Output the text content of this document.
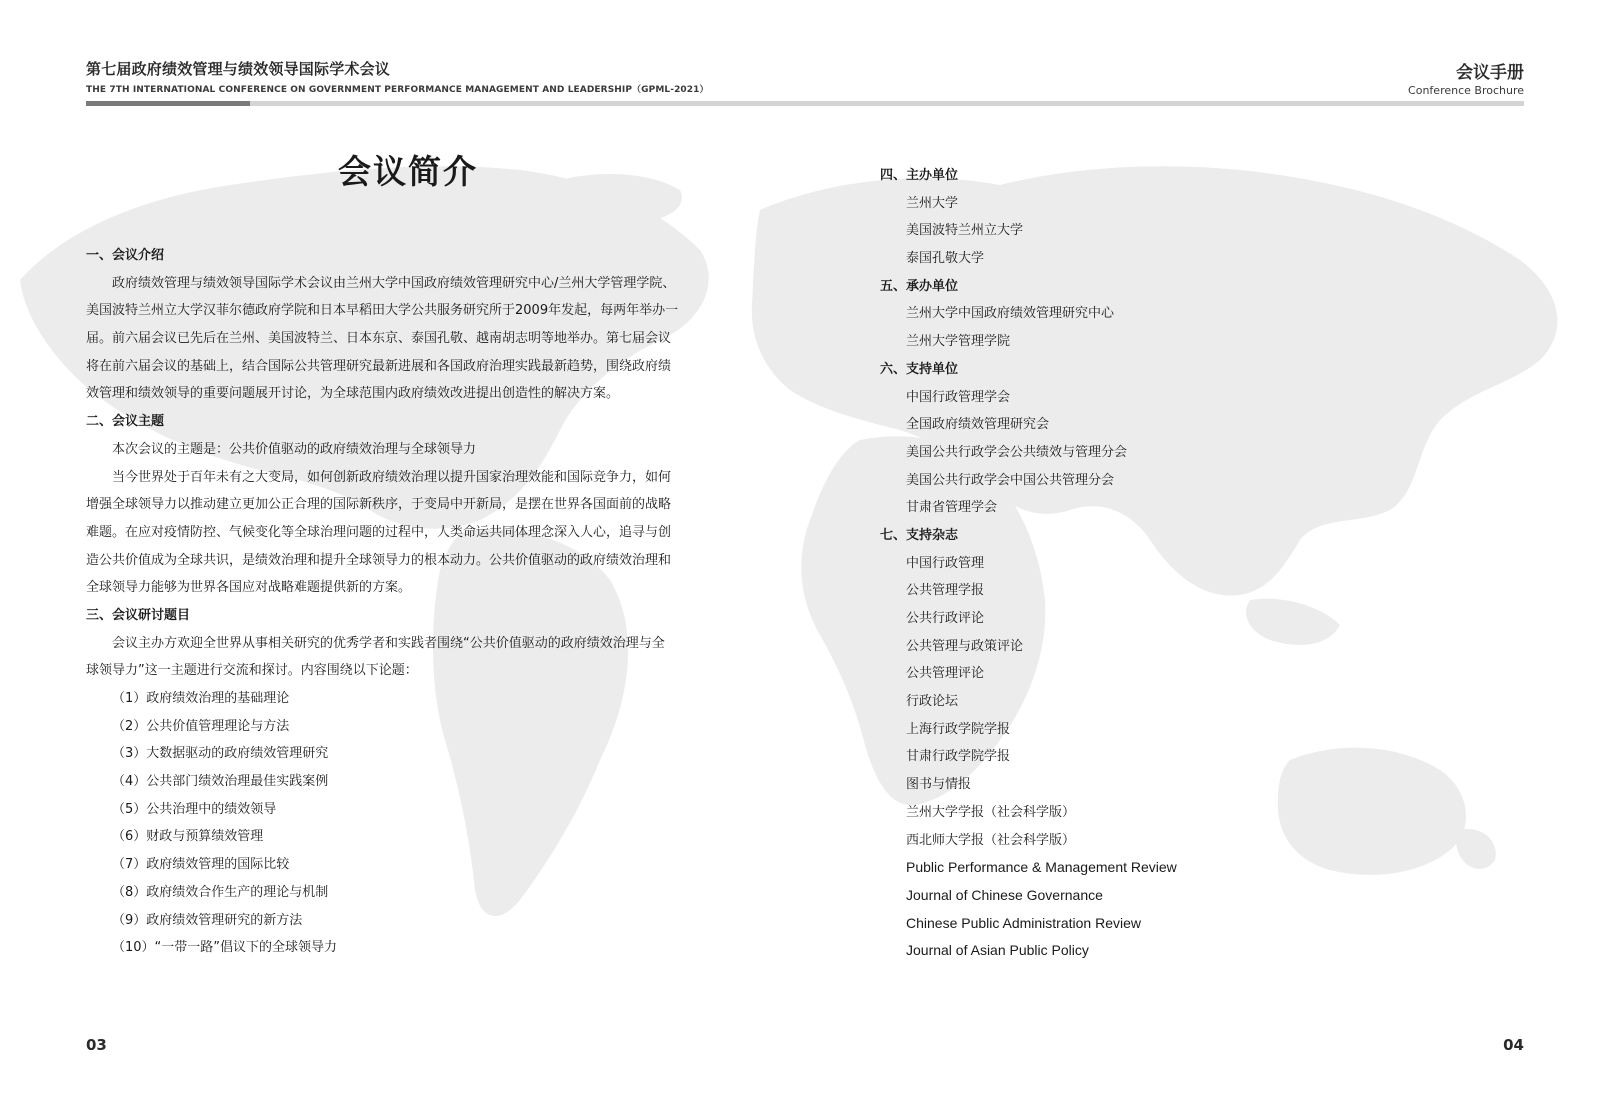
第七届政府绩效管理与绩效领导国际学术会议
THE 7TH INTERNATIONAL CONFERENCE ON GOVERNMENT PERFORMANCE MANAGEMENT AND LEADERSHIP（GPML-2021）
会议手册
Conference Brochure
会议简介
一、会议介绍
政府绩效管理与绩效领导国际学术会议由兰州大学中国政府绩效管理研究中心/兰州大学管理学院、
美国波特兰州立大学汉菲尔德政府学院和日本早稻田大学公共服务研究所于2009年发起，每两年举办一
届。前六届会议已先后在兰州、美国波特兰、日本东京、泰国孔敬、越南胡志明等地举办。第七届会议
将在前六届会议的基础上，结合国际公共管理研究最新进展和各国政府治理实践最新趋势，围绕政府绩
效管理和绩效领导的重要问题展开讨论，为全球范围内政府绩效改进提出创造性的解决方案。
二、会议主题
本次会议的主题是：公共价值驱动的政府绩效治理与全球领导力
当今世界处于百年未有之大变局，如何创新政府绩效治理以提升国家治理效能和国际竞争力，如何
增强全球领导力以推动建立更加公正合理的国际新秩序，于变局中开新局，是摆在世界各国面前的战略
难题。在应对疫情防控、气候变化等全球治理问题的过程中，人类命运共同体理念深入人心，追寻与创
造公共价值成为全球共识，是绩效治理和提升全球领导力的根本动力。公共价值驱动的政府绩效治理和
全球领导力能够为世界各国应对战略难题提供新的方案。
三、会议研讨题目
会议主办方欢迎全世界从事相关研究的优秀学者和实践者围绕“公共价值驱动的政府绩效治理与全
球领导力”这一主题进行交流和探讨。内容围绕以下论题：
（1）政府绩效治理的基础理论
（2）公共价值管理理论与方法
（3）大数据驱动的政府绩效管理研究
（4）公共部门绩效治理最佳实践案例
（5）公共治理中的绩效领导
（6）财政与预算绩效管理
（7）政府绩效管理的国际比较
（8）政府绩效合作生产的理论与机制
（9）政府绩效管理研究的新方法
（10）“一带一路”倡议下的全球领导力
四、主办单位
兰州大学
美国波特兰州立大学
泰国孔敬大学
五、承办单位
兰州大学中国政府绩效管理研究中心
兰州大学管理学院
六、支持单位
中国行政管理学会
全国政府绩效管理研究会
美国公共行政学会公共绩效与管理分会
美国公共行政学会中国公共管理分会
甘肃省管理学会
七、支持杂志
中国行政管理
公共管理学报
公共行政评论
公共管理与政策评论
公共管理评论
行政论坛
上海行政学院学报
甘肃行政学院学报
图书与情报
兰州大学学报（社会科学版）
西北师大学报（社会科学版）
Public Performance & Management Review
Journal of Chinese Governance
Chinese Public Administration Review
Journal of Asian Public Policy
03	04
